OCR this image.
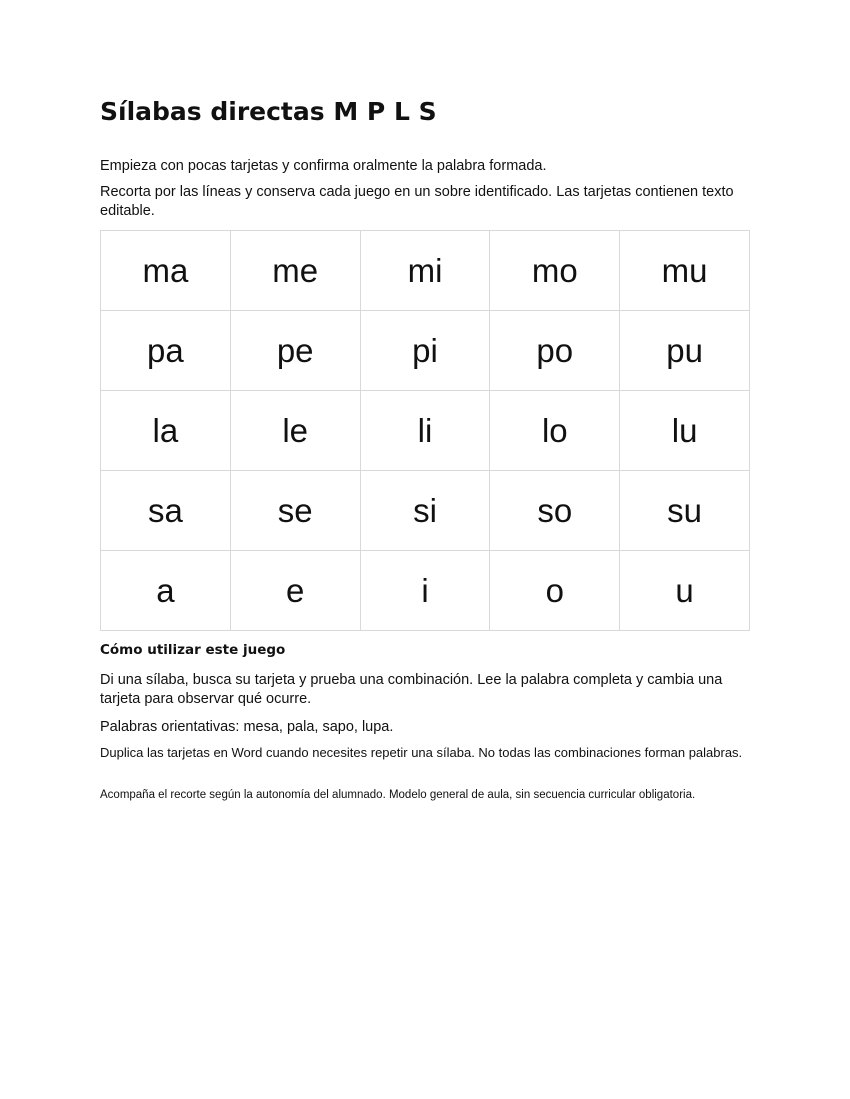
Sílabas directas M P L S

Empieza con pocas tarjetas y confirma oralmente la palabra formada.

Recorta por las líneas y conserva cada juego en un sobre identificado. Las tarjetas contienen texto editable.

ma	me	mi	mo	mu
pa	pe	pi	po	pu
la	le	li	lo	lu
sa	se	si	so	su
a	e	i	o	u
Cómo utilizar este juego

Di una sílaba, busca su tarjeta y prueba una combinación. Lee la palabra completa y cambia una tarjeta para observar qué ocurre.

Palabras orientativas: mesa, pala, sapo, lupa.

Duplica las tarjetas en Word cuando necesites repetir una sílaba. No todas las combinaciones forman palabras.

Acompaña el recorte según la autonomía del alumnado. Modelo general de aula, sin secuencia curricular obligatoria.
